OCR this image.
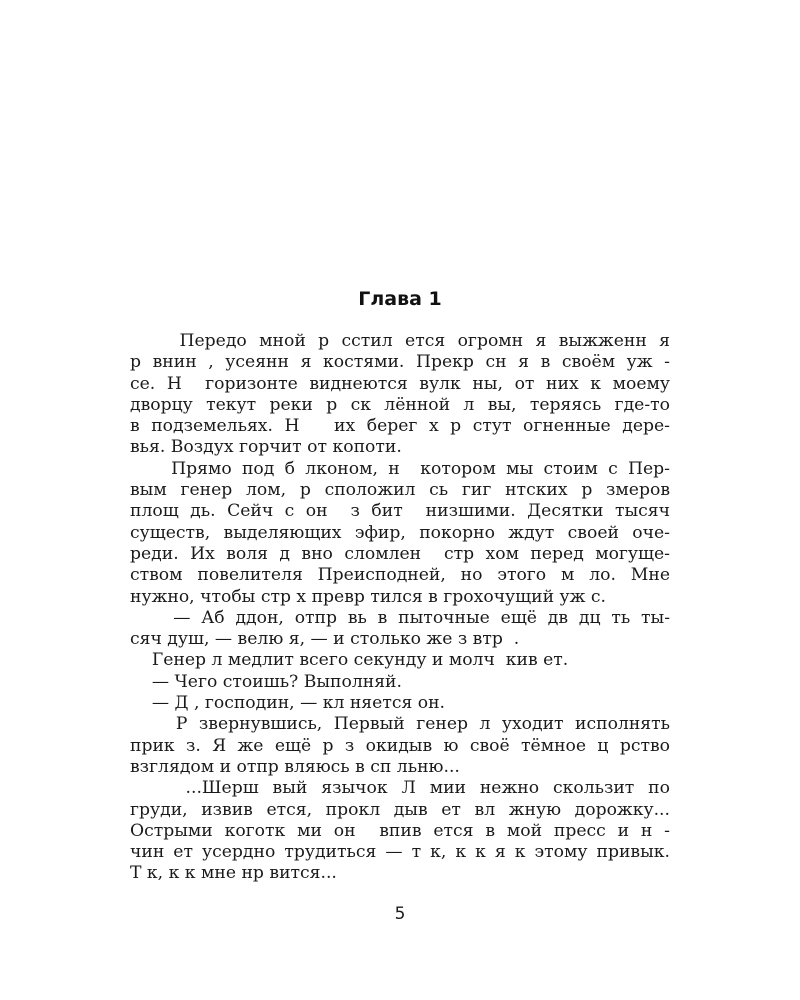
Глава 1
Передо мной р сстил ется огромн я выжженн я
р внин , усеянн я костями. Прекр сн я в своём уж -
се. Н  горизонте виднеются вулк ны, от них к моему
дворцу текут реки р ск лённой л вы, теряясь где-то
в подземельях. Н   их берег х р стут огненные дере-
вья. Воздух горчит от копоти.
Прямо под б лконом, н  котором мы стоим с Пер-
вым генер лом, р сположил сь гиг нтских р змеров
площ дь. Сейч с он  з бит  низшими. Десятки тысяч
существ, выделяющих эфир, покорно ждут своей оче-
реди. Их воля д вно сломлен  стр хом перед могуще-
ством повелителя Преисподней, но этого м ло. Мне
нужно, чтобы стр х превр тился в грохочущий уж с.
— Аб ддон, отпр вь в пыточные ещё дв дц ть ты-
сяч душ, — велю я, — и столько же з втр  .
Генер л медлит всего секунду и молч  кив ет.
— Чего стоишь? Выполняй.
— Д , господин, — кл няется он.
Р звернувшись, Первый генер л уходит исполнять
прик з. Я же ещё р з окидыв ю своё тёмное ц рство
взглядом и отпр вляюсь в сп льню...
...Шерш вый язычок Л мии нежно скользит по
груди, извив ется, прокл дыв ет вл жную дорожку...
Острыми коготк ми он  впив ется в мой пресс и н -
чин ет усердно трудиться — т к, к к я к этому привык.
Т к, к к мне нр вится...
5
